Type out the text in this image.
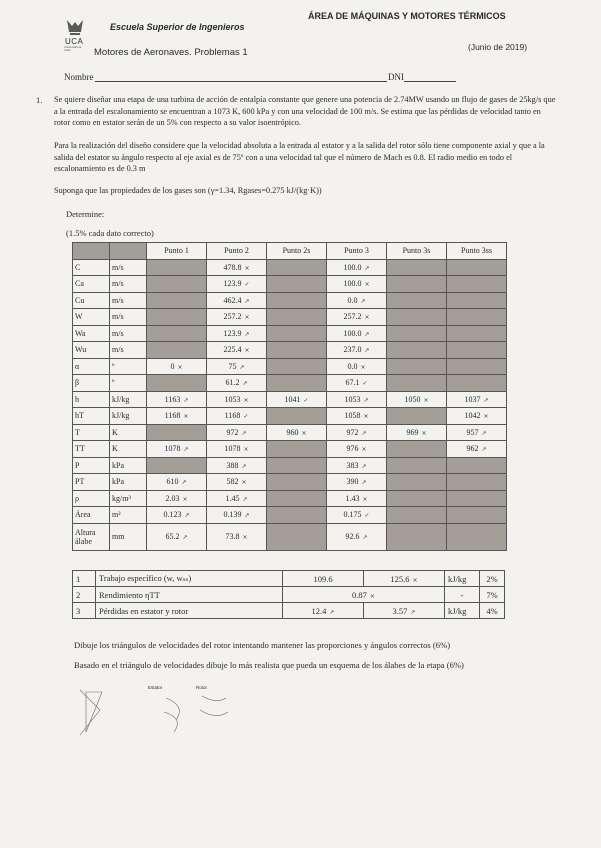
UCA
Universidad de Cádiz
Escuela Superior de Ingenieros
Motores de Aeronaves. Problemas 1
ÁREA DE MÁQUINAS Y MOTORES TÉRMICOS
(Junio de 2019)
Nombre	DNI
1. Se quiere diseñar una etapa de una turbina de acción de entalpía constante que genere una potencia de 2.74MW usando un flujo de gases de 25kg/s que a la entrada del escalonamiento se encuentran a 1073 K, 600 kPa y con una velocidad de 100 m/s. Se estima que las pérdidas de velocidad tanto en rotor como en estator serán de un 5% con respecto a su valor isoentrópico.
Para la realización del diseño considere que la velocidad absoluta a la entrada al estator y a la salida del rotor sólo tiene componente axial y que a la salida del estator su ángulo respecto al eje axial es de 75º con a una velocidad tal que el número de Mach es 0.8. El radio medio en todo el escalonamiento es de 0.3 m
Suponga que las propiedades de los gases son (γ=1.34, Rgases=0.275 kJ/(kg·K))
Determine:
(1.5% cada dato correcto)
		Punto 1	Punto 2	Punto 2s	Punto 3	Punto 3s	Punto 3ss
C	m/s		478.8 ×		100.0 ↗		
Ca	m/s		123.9 ✓		100.0 ×		
Cu	m/s		462.4 ↗		0.0 ↗		
W	m/s		257.2 ×		257.2 ×		
Wa	m/s		123.9 ↗		100.0 ↗		
Wu	m/s		225.4 ×		237.0 ↗		
α	º	0 ×	75 ↗		0.0 ×		
β	º		61.2 ↗		67.1 ✓		
h	kJ/kg	1163 ↗	1053 ×	1041 ✓	1053 ↗	1050 ×	1037 ↗
hT	kJ/kg	1168 ×	1168 ✓		1058 ×		1042 ×
T	K		972 ↗	960 ×	972 ↗	969 ×	957 ↗
TT	K	1078 ↗	1078 ×		976 ×		962 ↗
P	kPa		388 ↗		383 ↗		
PT	kPa	610 ↗	582 ×		390 ↗		
ρ	kg/m³	2.03 ×	1.45 ↗		1.43 ×		
Área	m²	0.123 ↗	0.139 ↗		0.175 ✓		
Altura álabe	mm	65.2 ↗	73.8 ×		92.6 ↗		
1	Trabajo específico (w, wₛₛ)	109.6	125.6 ×	kJ/kg	2%
2	Rendimiento ηTT	0.87 ×		-	7%
3	Pérdidas en estator y rotor	12.4 ↗	3.57 ↗	kJ/kg	4%
Dibuje los triángulos de velocidades del rotor intentando mantener las proporciones y ángulos correctos (6%)
Basado en el triángulo de velocidades dibuje lo más realista que pueda un esquema de los álabes de la etapa (6%)
Estator	Rotor
